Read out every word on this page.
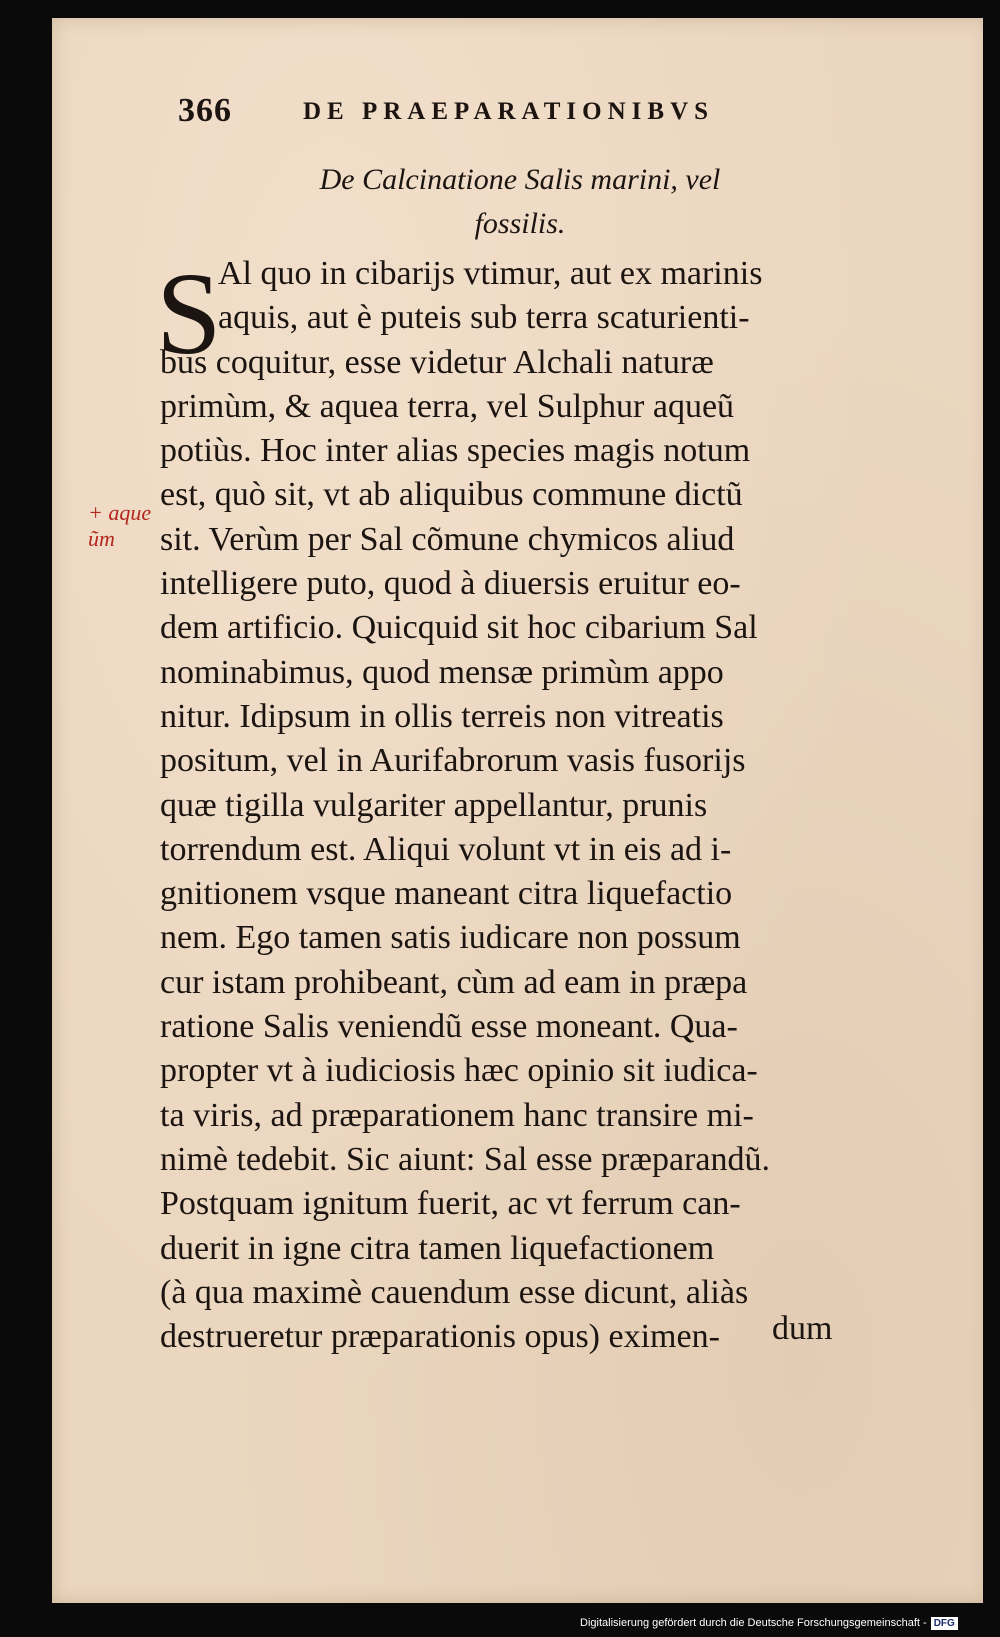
366	DE PRAEPARATIONIBVS
De Calcinatione Salis marini, vel
fossilis.
S
Al quo in cibarijs vtimur, aut ex marinis
aquis, aut è puteis sub terra scaturienti-
bus coquitur, esse videtur Alchali naturæ
primùm, & aquea terra, vel Sulphur aqueũ
potiùs. Hoc inter alias species magis notum
est, quò sit, vt ab aliquibus commune dictũ
sit. Verùm per Sal cõmune chymicos aliud
intelligere puto, quod à diuersis eruitur eo-
dem artificio. Quicquid sit hoc cibarium Sal
nominabimus, quod mensæ primùm appo
nitur. Idipsum in ollis terreis non vitreatis
positum, vel in Aurifabrorum vasis fusorijs
quæ tigilla vulgariter appellantur, prunis
torrendum est. Aliqui volunt vt in eis ad i-
gnitionem vsque maneant citra liquefactio
nem. Ego tamen satis iudicare non possum
cur istam prohibeant, cùm ad eam in præpa
ratione Salis veniendũ esse moneant. Qua-
propter vt à iudiciosis hæc opinio sit iudica-
ta viris, ad præparationem hanc transire mi-
nimè tedebit. Sic aiunt: Sal esse præparandũ.
Postquam ignitum fuerit, ac vt ferrum can-
duerit in igne citra tamen liquefactionem
(à qua maximè cauendum esse dicunt, aliàs
destrueretur præparationis opus) eximen-	dum
+ aque
ũm
Digitalisierung gefördert durch die Deutsche Forschungsgemeinschaft - DFG
